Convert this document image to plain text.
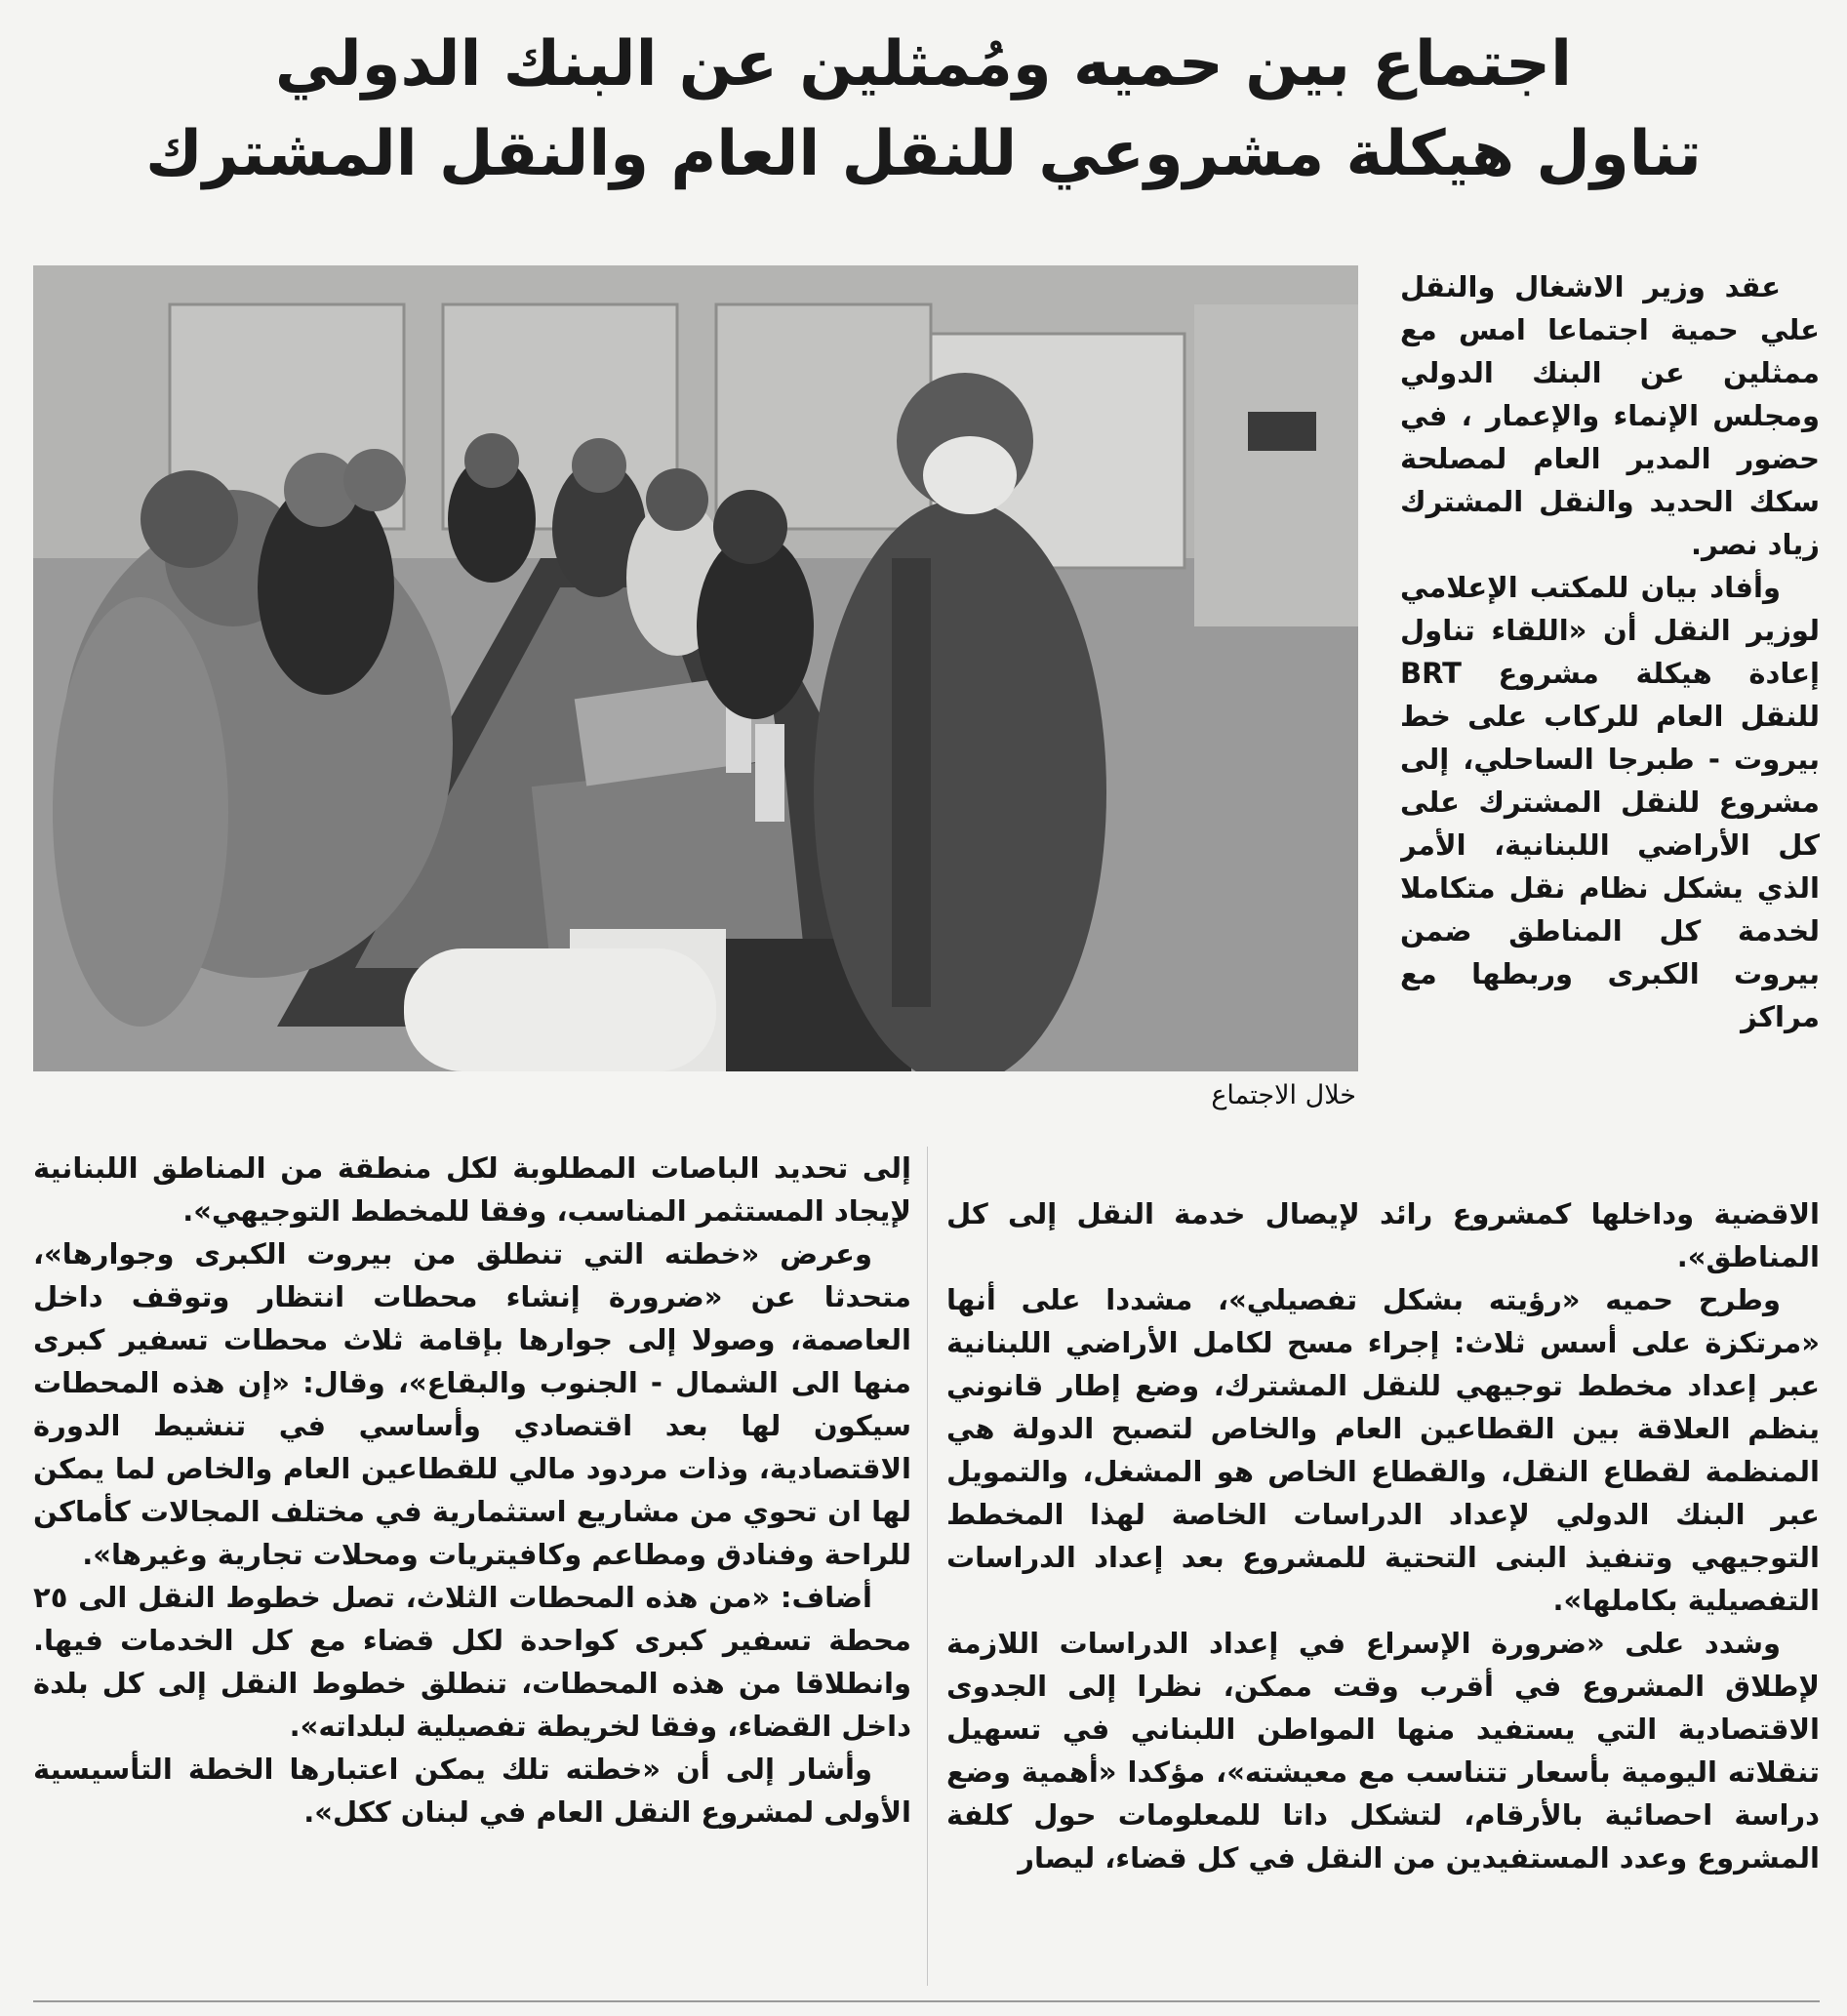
اجتماع بين حميه ومُمثلين عن البنك الدولي
تناول هيكلة مشروعي للنقل العام والنقل المشترك
خلال الاجتماع

عقد وزير الاشغال والنقل علي حمية اجتماعا امس مع ممثلين عن البنك الدولي ومجلس الإنماء والإعمار ، في حضور المدير العام لمصلحة سكك الحديد والنقل المشترك زياد نصر.

وأفاد بيان للمكتب الإعلامي لوزير النقل أن «اللقاء تناول إعادة هيكلة مشروع BRT للنقل العام للركاب على خط بيروت - طبرجا الساحلي، إلى مشروع للنقل المشترك على كل الأراضي اللبنانية، الأمر الذي يشكل نظام نقل متكاملا لخدمة كل المناطق ضمن بيروت الكبرى وربطها مع مراكز

الاقضية وداخلها كمشروع رائد لإيصال خدمة النقل إلى كل المناطق».

وطرح حميه «رؤيته بشكل تفصيلي»، مشددا على أنها «مرتكزة على أسس ثلاث: إجراء مسح لكامل الأراضي اللبنانية عبر إعداد مخطط توجيهي للنقل المشترك، وضع إطار قانوني ينظم العلاقة بين القطاعين العام والخاص لتصبح الدولة هي المنظمة لقطاع النقل، والقطاع الخاص هو المشغل، والتمويل عبر البنك الدولي لإعداد الدراسات الخاصة لهذا المخطط التوجيهي وتنفيذ البنى التحتية للمشروع بعد إعداد الدراسات التفصيلية بكاملها».

وشدد على «ضرورة الإسراع في إعداد الدراسات اللازمة لإطلاق المشروع في أقرب وقت ممكن، نظرا إلى الجدوى الاقتصادية التي يستفيد منها المواطن اللبناني في تسهيل تنقلاته اليومية بأسعار تتناسب مع معيشته»، مؤكدا «أهمية وضع دراسة احصائية بالأرقام، لتشكل داتا للمعلومات حول كلفة المشروع وعدد المستفيدين من النقل في كل قضاء، ليصار

إلى تحديد الباصات المطلوبة لكل منطقة من المناطق اللبنانية لإيجاد المستثمر المناسب، وفقا للمخطط التوجيهي».

وعرض «خطته التي تنطلق من بيروت الكبرى وجوارها»، متحدثا عن «ضرورة إنشاء محطات انتظار وتوقف داخل العاصمة، وصولا إلى جوارها بإقامة ثلاث محطات تسفير كبرى منها الى الشمال - الجنوب والبقاع»، وقال: «إن هذه المحطات سيكون لها بعد اقتصادي وأساسي في تنشيط الدورة الاقتصادية، وذات مردود مالي للقطاعين العام والخاص لما يمكن لها ان تحوي من مشاريع استثمارية في مختلف المجالات كأماكن للراحة وفنادق ومطاعم وكافيتريات ومحلات تجارية وغيرها».

أضاف: «من هذه المحطات الثلاث، تصل خطوط النقل الى ٢٥ محطة تسفير كبرى كواحدة لكل قضاء مع كل الخدمات فيها. وانطلاقا من هذه المحطات، تنطلق خطوط النقل إلى كل بلدة داخل القضاء، وفقا لخريطة تفصيلية لبلداته».

وأشار إلى أن «خطته تلك يمكن اعتبارها الخطة التأسيسية الأولى لمشروع النقل العام في لبنان ككل».
